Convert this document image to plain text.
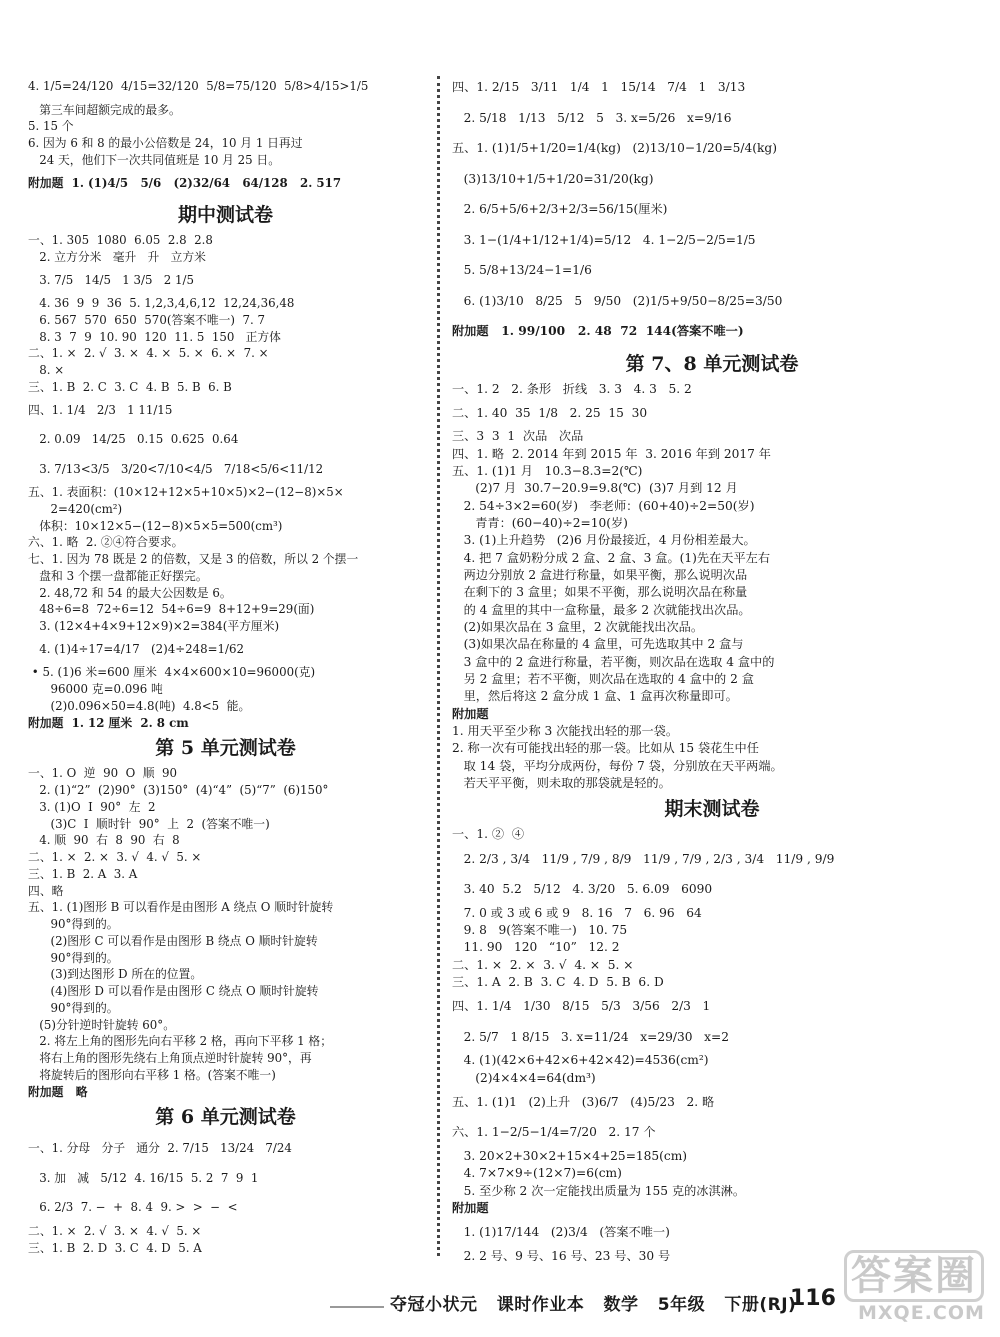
4. 1/5=24/120  4/15=32/120  5/8=75/120  5/8>4/15>1/5
第三车间超额完成的最多。
5. 15 个
6. 因为 6 和 8 的最小公倍数是 24，10 月 1 日再过
24 天，他们下一次共同值班是 10 月 25 日。
附加题  1. (1)4/5   5/6   (2)32/64   64/128   2. 517
期中测试卷
一、1. 305  1080  6.05  2.8  2.8
2. 立方分米   毫升   升   立方米
3. 7/5   14/5   1 3/5   2 1/5
4. 36  9  9  36  5. 1,2,3,4,6,12  12,24,36,48
6. 567  570  650  570(答案不唯一)  7. 7
8. 3  7  9  10. 90  120  11. 5  150   正方体
二、1. ×  2. √  3. ×  4. ×  5. ×  6. ×  7. ×
8. ×
三、1. B  2. C  3. C  4. B  5. B  6. B
四、1. 1/4   2/3   1 11/15
2. 0.09   14/25   0.15  0.625  0.64
3. 7/13<3/5   3/20<7/10<4/5   7/18<5/6<11/12
五、1. 表面积：(10×12+12×5+10×5)×2−(12−8)×5×
2=420(cm²)
体积：10×12×5−(12−8)×5×5=500(cm³)
六、1. 略  2. ②④符合要求。
七、1. 因为 78 既是 2 的倍数，又是 3 的倍数，所以 2 个摆一
盘和 3 个摆一盘都能正好摆完。
2. 48,72 和 54 的最大公因数是 6。
48÷6=8  72÷6=12  54÷6=9  8+12+9=29(面)
3. (12×4+4×9+12×9)×2=384(平方厘米)
4. (1)4÷17=4/17   (2)4÷248=1/62
• 5. (1)6 米=600 厘米  4×4×600×10=96000(克)
96000 克=0.096 吨
(2)0.096×50=4.8(吨)  4.8<5  能。
附加题  1. 12 厘米  2. 8 cm
第 5 单元测试卷
一、1. O  逆  90  O  顺  90
2. (1)“2”  (2)90°  (3)150°  (4)“4”  (5)“7”  (6)150°
3. (1)O  I  90°  左  2
(3)C  I  顺时针  90°  上  2  (答案不唯一)
4. 顺  90  右  8  90  右  8
二、1. ×  2. ×  3. √  4. √  5. ×
三、1. B  2. A  3. A
四、略
五、1. (1)图形 B 可以看作是由图形 A 绕点 O 顺时针旋转
90°得到的。
(2)图形 C 可以看作是由图形 B 绕点 O 顺时针旋转
90°得到的。
(3)到达图形 D 所在的位置。
(4)图形 D 可以看作是由图形 C 绕点 O 顺时针旋转
90°得到的。
(5)分针逆时针旋转 60°。
2. 将左上角的图形先向右平移 2 格，再向下平移 1 格；
将右上角的图形先绕右上角顶点逆时针旋转 90°，再
将旋转后的图形向右平移 1 格。(答案不唯一)
附加题   略
第 6 单元测试卷
一、1. 分母   分子   通分  2. 7/15   13/24   7/24
3. 加   减   5/12  4. 16/15  5. 2  7  9  1
6. 2/3  7. −  +  8. 4  9. >  >  −  <
二、1. ×  2. √  3. ×  4. √  5. ×
三、1. B  2. D  3. C  4. D  5. A
四、1. 2/15   3/11   1/4   1   15/14   7/4   1   3/13
2. 5/18   1/13   5/12   5   3. x=5/26   x=9/16
五、1. (1)1/5+1/20=1/4(kg)   (2)13/10−1/20=5/4(kg)
(3)13/10+1/5+1/20=31/20(kg)
2. 6/5+5/6+2/3+2/3=56/15(厘米)
3. 1−(1/4+1/12+1/4)=5/12   4. 1−2/5−2/5=1/5
5. 5/8+13/24−1=1/6
6. (1)3/10   8/25   5   9/50   (2)1/5+9/50−8/25=3/50
附加题   1. 99/100   2. 48  72  144(答案不唯一)
第 7、8 单元测试卷
一、1. 2   2. 条形   折线   3. 3   4. 3   5. 2
二、1. 40  35  1/8   2. 25  15  30
三、3  3  1  次品   次品
四、1. 略  2. 2014 年到 2015 年  3. 2016 年到 2017 年
五、1. (1)1 月   10.3−8.3=2(℃)
(2)7 月  30.7−20.9=9.8(℃)  (3)7 月到 12 月
2. 54÷3×2=60(岁)   李老师：(60+40)÷2=50(岁)
青青：(60−40)÷2=10(岁)
3. (1)上升趋势   (2)6 月份最接近，4 月份相差最大。
4. 把 7 盒奶粉分成 2 盒、2 盒、3 盒。(1)先在天平左右
两边分别放 2 盒进行称量，如果平衡，那么说明次品
在剩下的 3 盒里；如果不平衡，那么说明次品在称量
的 4 盒里的其中一盒称量，最多 2 次就能找出次品。
(2)如果次品在 3 盒里，2 次就能找出次品。
(3)如果次品在称量的 4 盒里，可先选取其中 2 盒与
3 盒中的 2 盒进行称量，若平衡，则次品在选取 4 盒中的
另 2 盒里；若不平衡，则次品在选取的 4 盒中的 2 盒
里，然后将这 2 盒分成 1 盒、1 盒再次称量即可。
附加题
1. 用天平至少称 3 次能找出轻的那一袋。
2. 称一次有可能找出轻的那一袋。比如从 15 袋花生中任
取 14 袋，平均分成两份，每份 7 袋，分别放在天平两端。
若天平平衡，则未取的那袋就是轻的。
期末测试卷
一、1. ②  ④
2. 2/3 , 3/4   11/9 , 7/9 , 8/9   11/9 , 7/9 , 2/3 , 3/4   11/9 , 9/9
3. 40  5.2   5/12   4. 3/20   5. 6.09   6090
7. 0 或 3 或 6 或 9   8. 16   7   6. 96   64
9. 8   9(答案不唯一)   10. 75
11. 90   120   “10”   12. 2
二、1. ×  2. ×  3. √  4. ×  5. ×
三、1. A  2. B  3. C  4. D  5. B  6. D
四、1. 1/4   1/30   8/15   5/3   3/56   2/3   1
2. 5/7   1 8/15   3. x=11/24   x=29/30   x=2
4. (1)(42×6+42×6+42×42)=4536(cm²)
(2)4×4×4=64(dm³)
五、1. (1)1   (2)上升   (3)6/7   (4)5/23   2. 略
六、1. 1−2/5−1/4=7/20   2. 17 个
3. 20×2+30×2+15×4+25=185(cm)
4. 7×7×9÷(12×7)=6(cm)
5. 至少称 2 次一定能找出质量为 155 克的冰淇淋。
附加题
1. (1)17/144   (2)3/4   (答案不唯一)
2. 2 号、9 号、16 号、23 号、30 号
夺冠小状元   课时作业本   数学   5年级   下册(RJ)
116 答案圈
MXQE.COM
